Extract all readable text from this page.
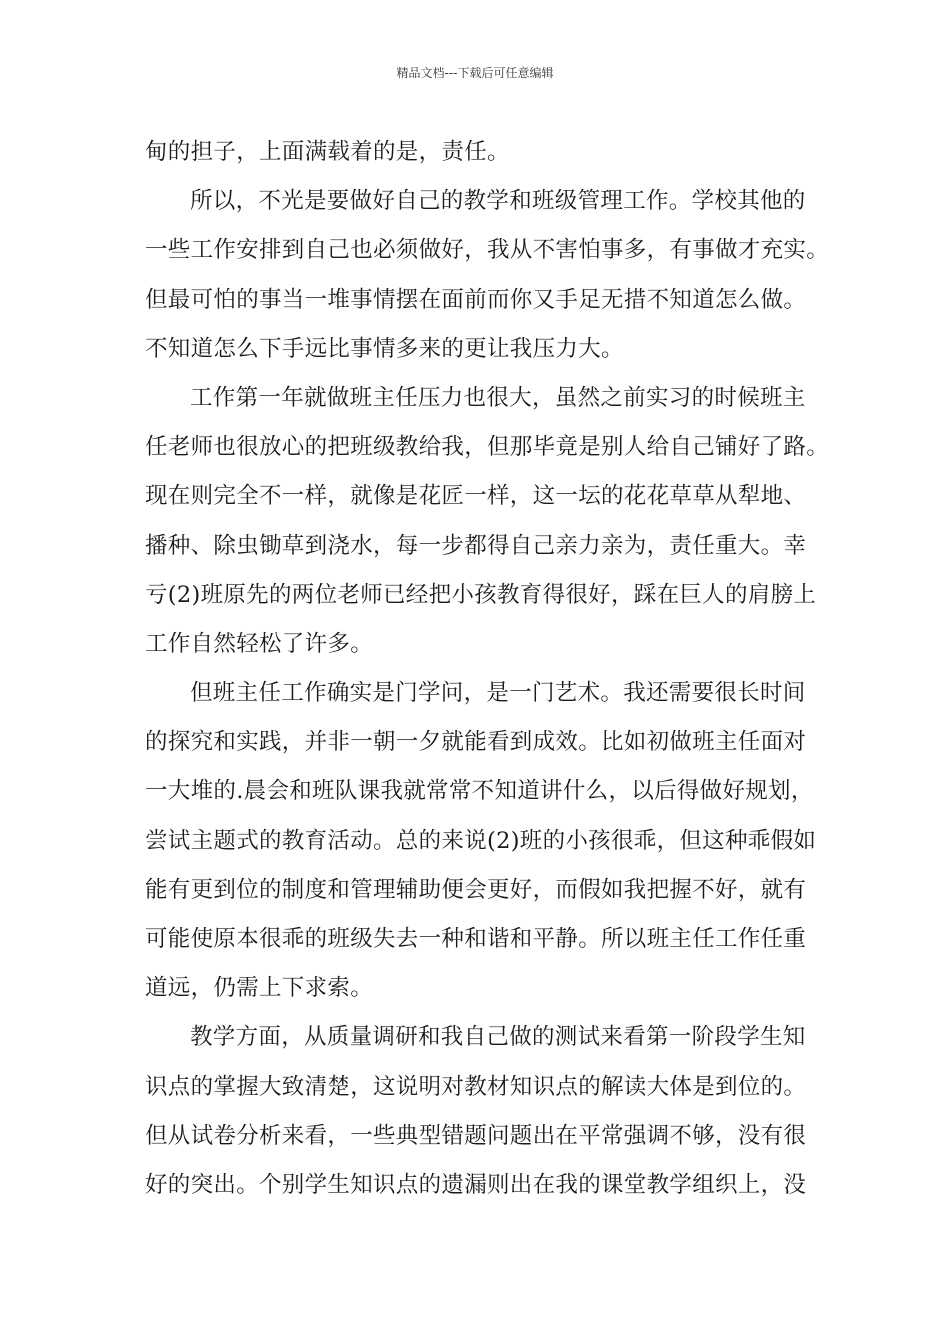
精品文档---下载后可任意编辑
甸的担子，上面满载着的是，责任。
所以，不光是要做好自己的教学和班级管理工作。学校其他的
一些工作安排到自己也必须做好，我从不害怕事多，有事做才充实。
但最可怕的事当一堆事情摆在面前而你又手足无措不知道怎么做。
不知道怎么下手远比事情多来的更让我压力大。
工作第一年就做班主任压力也很大，虽然之前实习的时候班主
任老师也很放心的把班级教给我，但那毕竟是别人给自己铺好了路。
现在则完全不一样，就像是花匠一样，这一坛的花花草草从犁地、
播种、除虫锄草到浇水，每一步都得自己亲力亲为，责任重大。幸
亏(2)班原先的两位老师已经把小孩教育得很好，踩在巨人的肩膀上
工作自然轻松了许多。
但班主任工作确实是门学问，是一门艺术。我还需要很长时间
的探究和实践，并非一朝一夕就能看到成效。比如初做班主任面对
一大堆的.晨会和班队课我就常常不知道讲什么，以后得做好规划，
尝试主题式的教育活动。总的来说(2)班的小孩很乖，但这种乖假如
能有更到位的制度和管理辅助便会更好，而假如我把握不好，就有
可能使原本很乖的班级失去一种和谐和平静。所以班主任工作任重
道远，仍需上下求索。
教学方面，从质量调研和我自己做的测试来看第一阶段学生知
识点的掌握大致清楚，这说明对教材知识点的解读大体是到位的。
但从试卷分析来看，一些典型错题问题出在平常强调不够，没有很
好的突出。个别学生知识点的遗漏则出在我的课堂教学组织上，没
